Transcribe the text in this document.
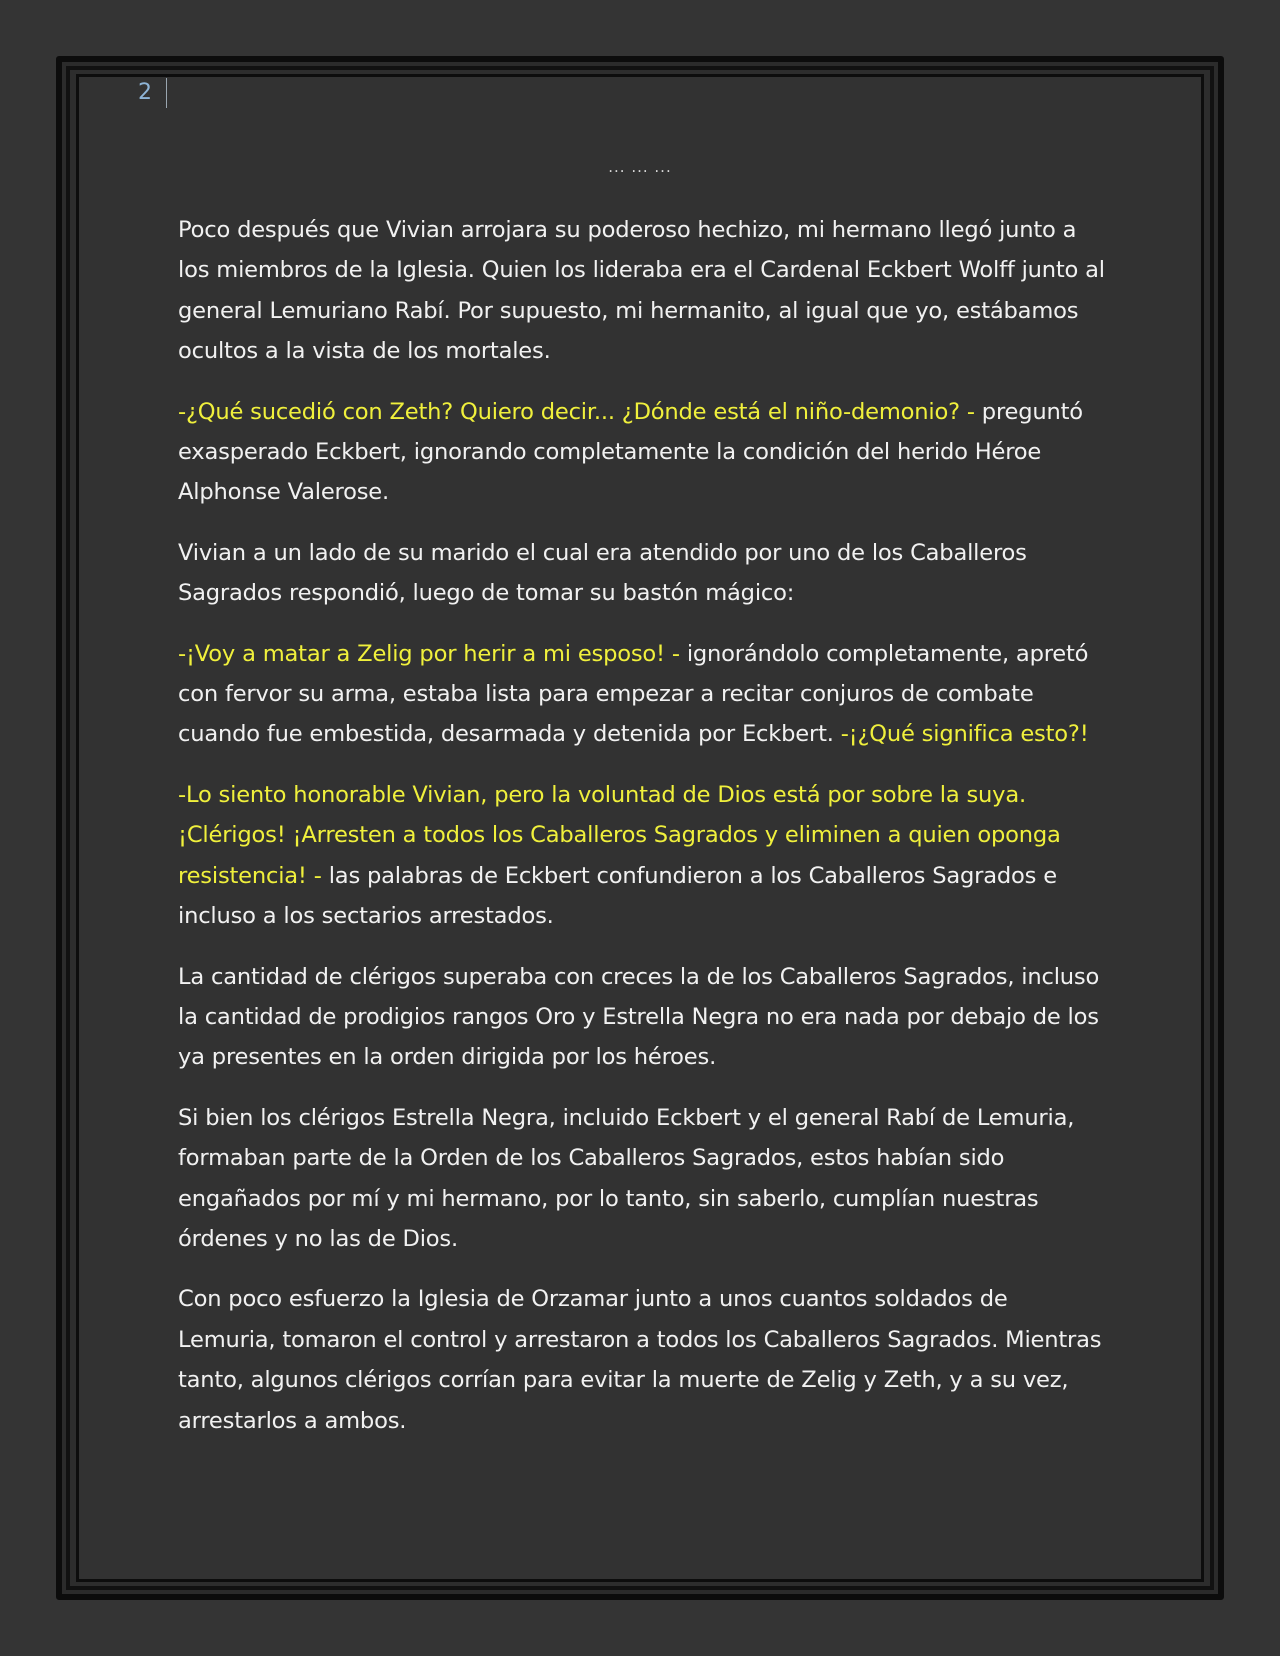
2
... ... ...

Poco después que Vivian arrojara su poderoso hechizo, mi hermano llegó junto a los miembros de la Iglesia. Quien los lideraba era el Cardenal Eckbert Wolff junto al general Lemuriano Rabí. Por supuesto, mi hermanito, al igual que yo, estábamos ocultos a la vista de los mortales.

-¿Qué sucedió con Zeth? Quiero decir... ¿Dónde está el niño-demonio? - preguntó exasperado Eckbert, ignorando completamente la condición del herido Héroe Alphonse Valerose.

Vivian a un lado de su marido el cual era atendido por uno de los Caballeros Sagrados respondió, luego de tomar su bastón mágico:

-¡Voy a matar a Zelig por herir a mi esposo! - ignorándolo completamente, apretó con fervor su arma, estaba lista para empezar a recitar conjuros de combate cuando fue embestida, desarmada y detenida por Eckbert. -¡¿Qué significa esto?!

-Lo siento honorable Vivian, pero la voluntad de Dios está por sobre la suya. ¡Clérigos! ¡Arresten a todos los Caballeros Sagrados y eliminen a quien oponga resistencia! - las palabras de Eckbert confundieron a los Caballeros Sagrados e incluso a los sectarios arrestados.

La cantidad de clérigos superaba con creces la de los Caballeros Sagrados, incluso la cantidad de prodigios rangos Oro y Estrella Negra no era nada por debajo de los ya presentes en la orden dirigida por los héroes.

Si bien los clérigos Estrella Negra, incluido Eckbert y el general Rabí de Lemuria, formaban parte de la Orden de los Caballeros Sagrados, estos habían sido engañados por mí y mi hermano, por lo tanto, sin saberlo, cumplían nuestras órdenes y no las de Dios.

Con poco esfuerzo la Iglesia de Orzamar junto a unos cuantos soldados de Lemuria, tomaron el control y arrestaron a todos los Caballeros Sagrados. Mientras tanto, algunos clérigos corrían para evitar la muerte de Zelig y Zeth, y a su vez, arrestarlos a ambos.
